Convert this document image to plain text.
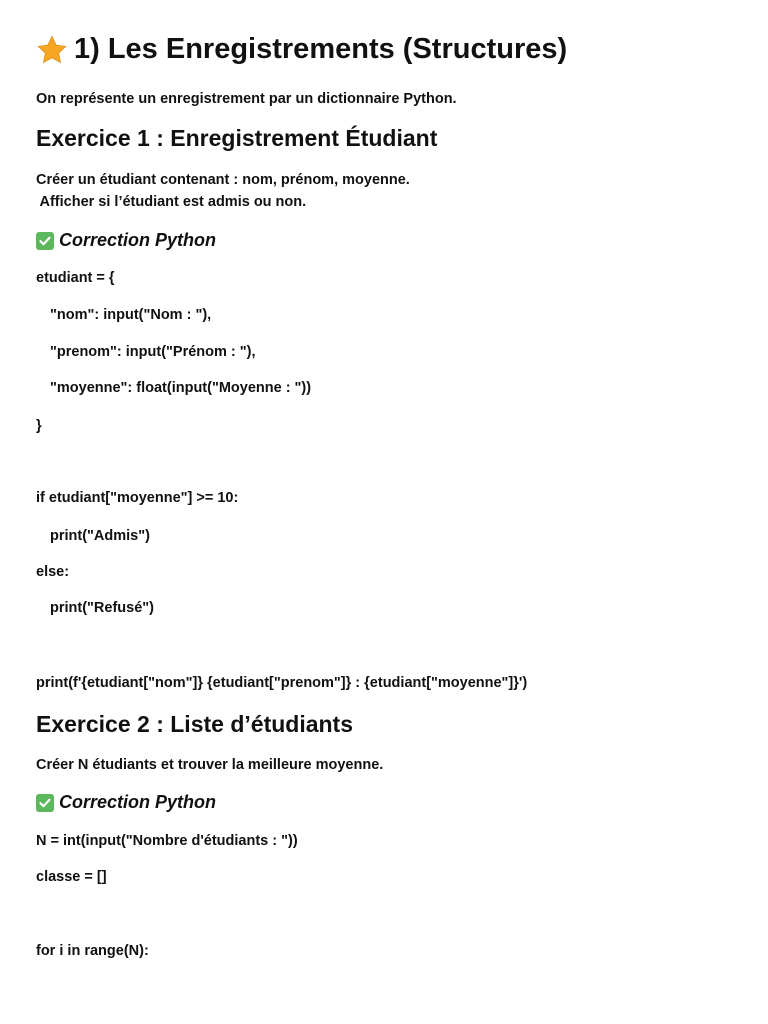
1) Les Enregistrements (Structures)
On représente un enregistrement par un dictionnaire Python.
Exercice 1 : Enregistrement Étudiant
Créer un étudiant contenant : nom, prénom, moyenne.
Afficher si l’étudiant est admis ou non.
Correction Python
etudiant = {
"nom": input("Nom : "),
"prenom": input("Prénom : "),
"moyenne": float(input("Moyenne : "))
}
if etudiant["moyenne"] >= 10:
print("Admis")
else:
print("Refusé")
print(f'{etudiant["nom"]} {etudiant["prenom"]} : {etudiant["moyenne"]}')
Exercice 2 : Liste d’étudiants
Créer N étudiants et trouver la meilleure moyenne.
Correction Python
N = int(input("Nombre d'étudiants : "))
classe = []
for i in range(N):
